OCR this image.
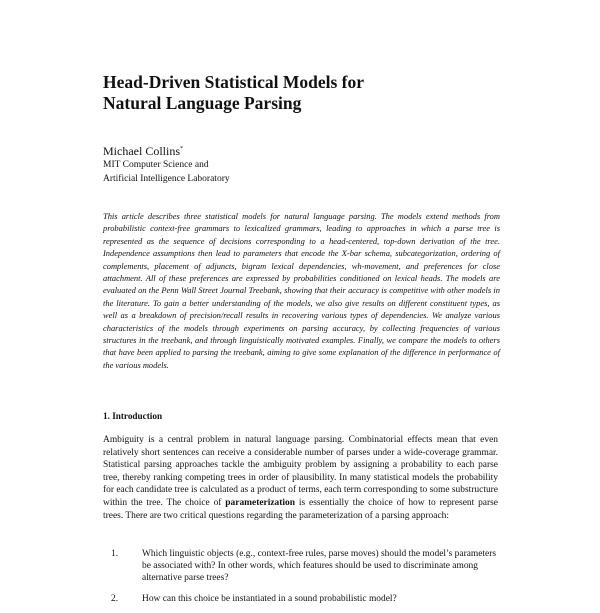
Head-Driven Statistical Models for
Natural Language Parsing

Michael Collins*

MIT Computer Science and

Artificial Intelligence Laboratory

This article describes three statistical models for natural language parsing. The models extend methods from probabilistic context-free grammars to lexicalized grammars, leading to approaches in which a parse tree is represented as the sequence of decisions corresponding to a head-centered, top-down derivation of the tree. Independence assumptions then lead to parameters that encode the X-bar schema, subcategorization, ordering of complements, placement of adjuncts, bigram lexical dependencies, wh-movement, and preferences for close attachment. All of these preferences are expressed by probabilities conditioned on lexical heads. The models are evaluated on the Penn Wall Street Journal Treebank, showing that their accuracy is competitive with other models in the literature. To gain a better understanding of the models, we also give results on different constituent types, as well as a breakdown of precision/recall results in recovering various types of dependencies. We analyze various characteristics of the models through experiments on parsing accuracy, by collecting frequencies of various structures in the treebank, and through linguistically motivated examples. Finally, we compare the models to others that have been applied to parsing the treebank, aiming to give some explanation of the difference in performance of the various models.

1. Introduction

Ambiguity is a central problem in natural language parsing. Combinatorial effects mean that even relatively short sentences can receive a considerable number of parses under a wide-coverage grammar. Statistical parsing approaches tackle the ambiguity problem by assigning a probability to each parse tree, thereby ranking competing trees in order of plausibility. In many statistical models the probability for each candidate tree is calculated as a product of terms, each term corresponding to some substructure within the tree. The choice of parameterization is essentially the choice of how to represent parse trees. There are two critical questions regarding the parameterization of a parsing approach:

1.	Which linguistic objects (e.g., context-free rules, parse moves) should the model’s parameters be associated with? In other words, which features should be used to discriminate among alternative parse trees?
2.	How can this choice be instantiated in a sound probabilistic model?
